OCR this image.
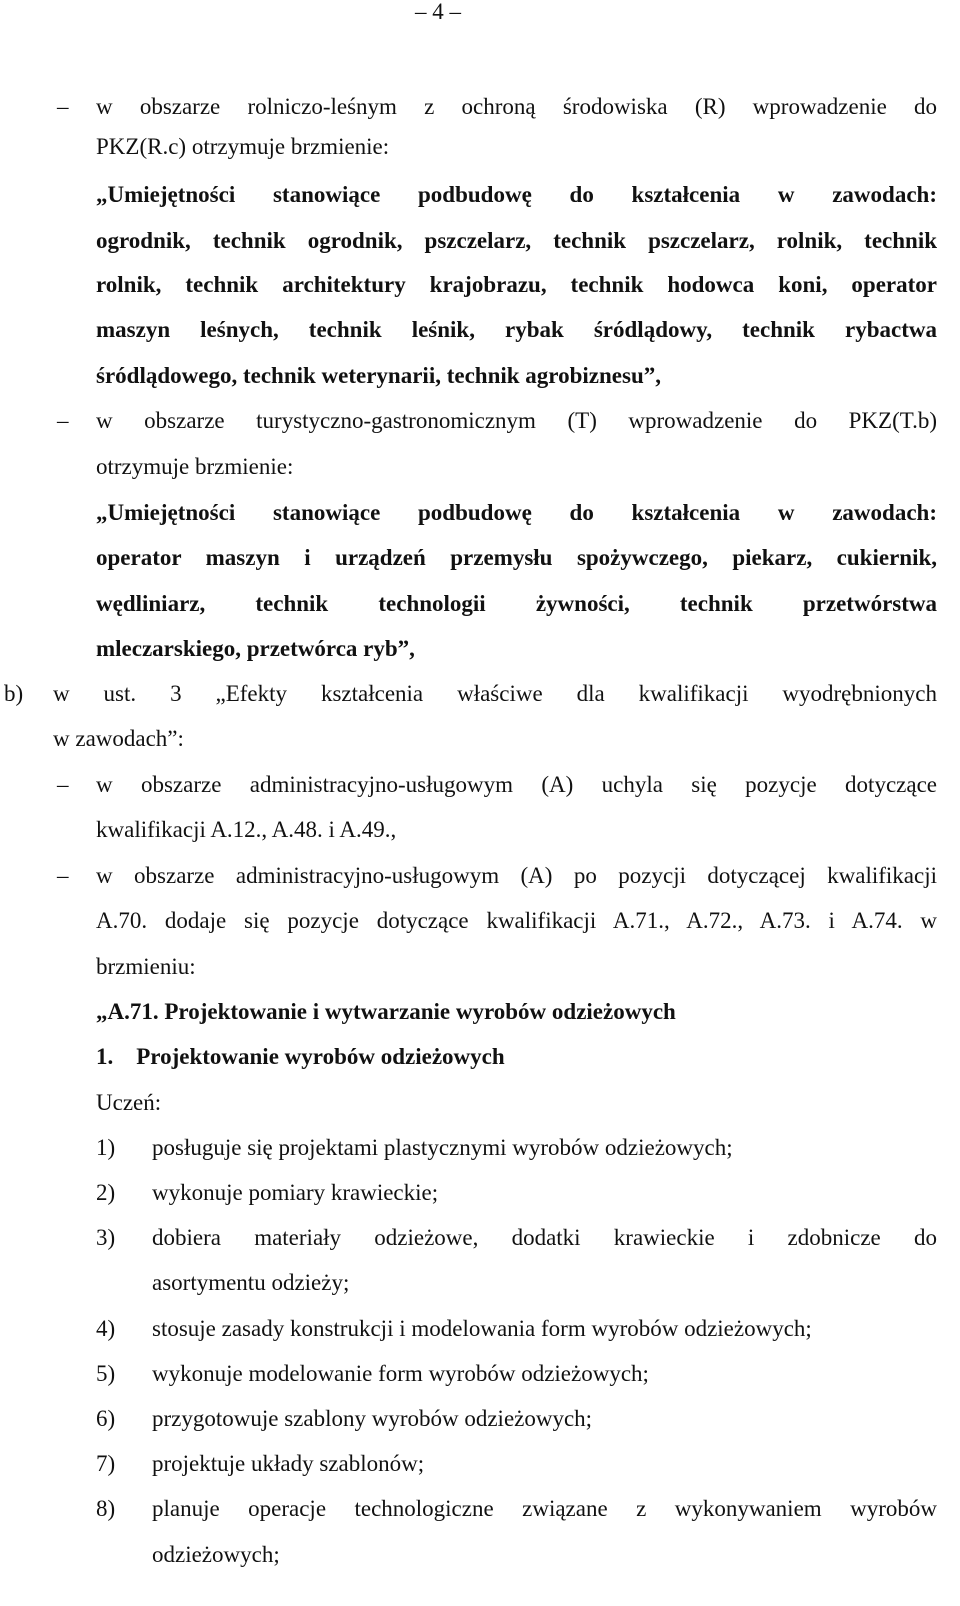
– 4 –
– w obszarze rolniczo-leśnym z ochroną środowiska (R) wprowadzenie do
PKZ(R.c) otrzymuje brzmienie:
„Umiejętności stanowiące podbudowę do kształcenia w zawodach:
ogrodnik, technik ogrodnik, pszczelarz, technik pszczelarz, rolnik, technik
rolnik, technik architektury krajobrazu, technik hodowca koni, operator
maszyn leśnych, technik leśnik, rybak śródlądowy, technik rybactwa
śródlądowego, technik weterynarii, technik agrobiznesu”,
– w obszarze turystyczno-gastronomicznym (T) wprowadzenie do PKZ(T.b)
otrzymuje brzmienie:
„Umiejętności stanowiące podbudowę do kształcenia w zawodach:
operator maszyn i urządzeń przemysłu spożywczego, piekarz, cukiernik,
wędliniarz, technik technologii żywności, technik przetwórstwa
mleczarskiego, przetwórca ryb”,
b) w ust. 3 „Efekty kształcenia właściwe dla kwalifikacji wyodrębnionych
w zawodach”:
– w obszarze administracyjno-usługowym (A) uchyla się pozycje dotyczące
kwalifikacji A.12., A.48. i A.49.,
– w obszarze administracyjno-usługowym (A) po pozycji dotyczącej kwalifikacji
A.70. dodaje się pozycje dotyczące kwalifikacji A.71., A.72., A.73. i A.74. w
brzmieniu:
„A.71. Projektowanie i wytwarzanie wyrobów odzieżowych
1. Projektowanie wyrobów odzieżowych
Uczeń:
1) posługuje się projektami plastycznymi wyrobów odzieżowych;
2) wykonuje pomiary krawieckie;
3) dobiera materiały odzieżowe, dodatki krawieckie i zdobnicze do
asortymentu odzieży;
4) stosuje zasady konstrukcji i modelowania form wyrobów odzieżowych;
5) wykonuje modelowanie form wyrobów odzieżowych;
6) przygotowuje szablony wyrobów odzieżowych;
7) projektuje układy szablonów;
8) planuje operacje technologiczne związane z wykonywaniem wyrobów
odzieżowych;
